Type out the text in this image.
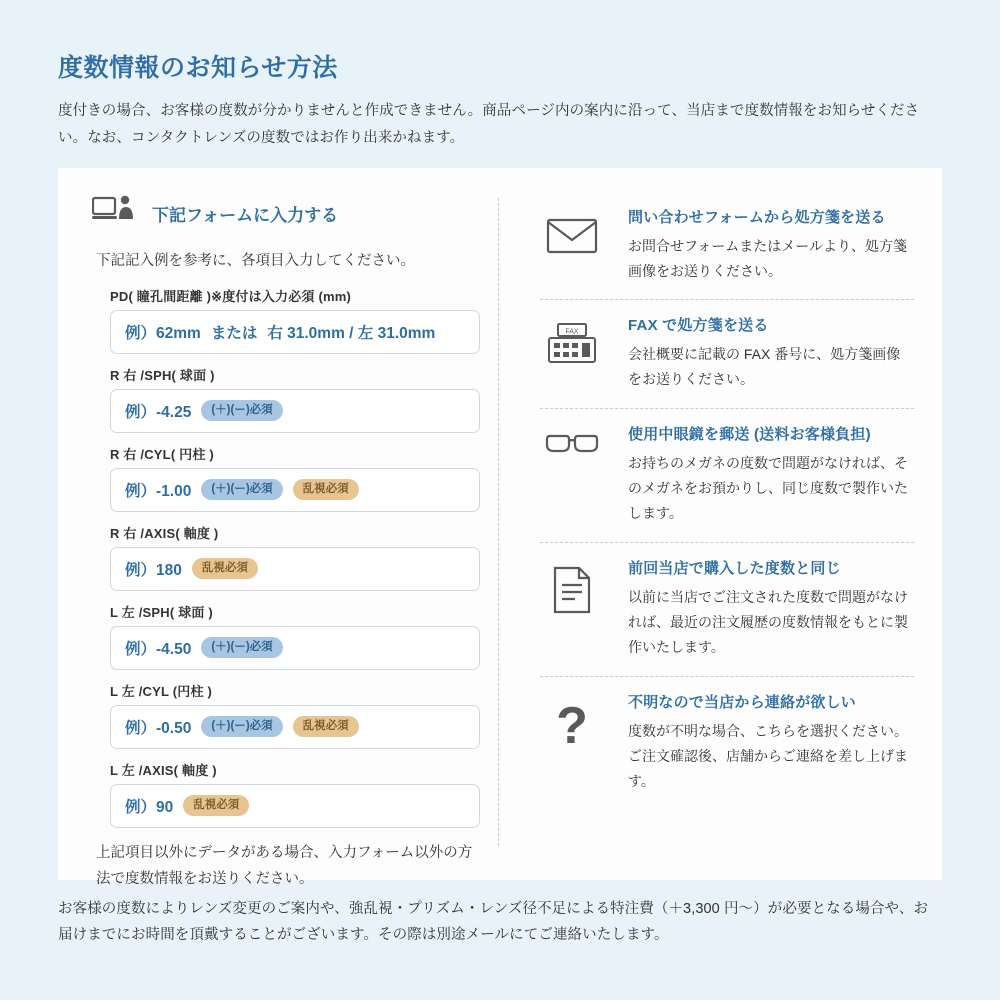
度数情報のお知らせ方法

度付きの場合、お客様の度数が分かりませんと作成できません。商品ページ内の案内に沿って、当店まで度数情報をお知らせください。なお、コンタクトレンズの度数ではお作り出来かねます。

下記フォームに入力する
下記記入例を参考に、各項目入力してください。
PD( 瞳孔間距離 )※度付は入力必須 (mm)
例）62mm または 右 31.0mm / 左 31.0mm
R 右 /SPH( 球面 )
例）-4.25	(＋)(ー)必須
R 右 /CYL( 円柱 )
例）-1.00	(＋)(ー)必須	乱視必須
R 右 /AXIS( 軸度 )
例）180	乱視必須
L 左 /SPH( 球面 )
例）-4.50	(＋)(ー)必須
L 左 /CYL (円柱 )
例）-0.50	(＋)(ー)必須	乱視必須
L 左 /AXIS( 軸度 )
例）90	乱視必須
上記項目以外にデータがある場合、入力フォーム以外の方法で度数情報をお送りください。
問い合わせフォームから処方箋を送る
お問合せフォームまたはメールより、処方箋画像をお送りください。
FAX	FAX で処方箋を送る
会社概要に記載の FAX 番号に、処方箋画像をお送りください。
使用中眼鏡を郵送 (送料お客様負担)
お持ちのメガネの度数で問題がなければ、そのメガネをお預かりし、同じ度数で製作いたします。
前回当店で購入した度数と同じ
以前に当店でご注文された度数で問題がなければ、最近の注文履歴の度数情報をもとに製作いたします。
?	不明なので当店から連絡が欲しい
度数が不明な場合、こちらを選択ください。ご注文確認後、店舗からご連絡を差し上げます。
お客様の度数によりレンズ変更のご案内や、強乱視・プリズム・レンズ径不足による特注費（＋3,300 円〜）が必要となる場合や、お届けまでにお時間を頂戴することがございます。その際は別途メールにてご連絡いたします。
